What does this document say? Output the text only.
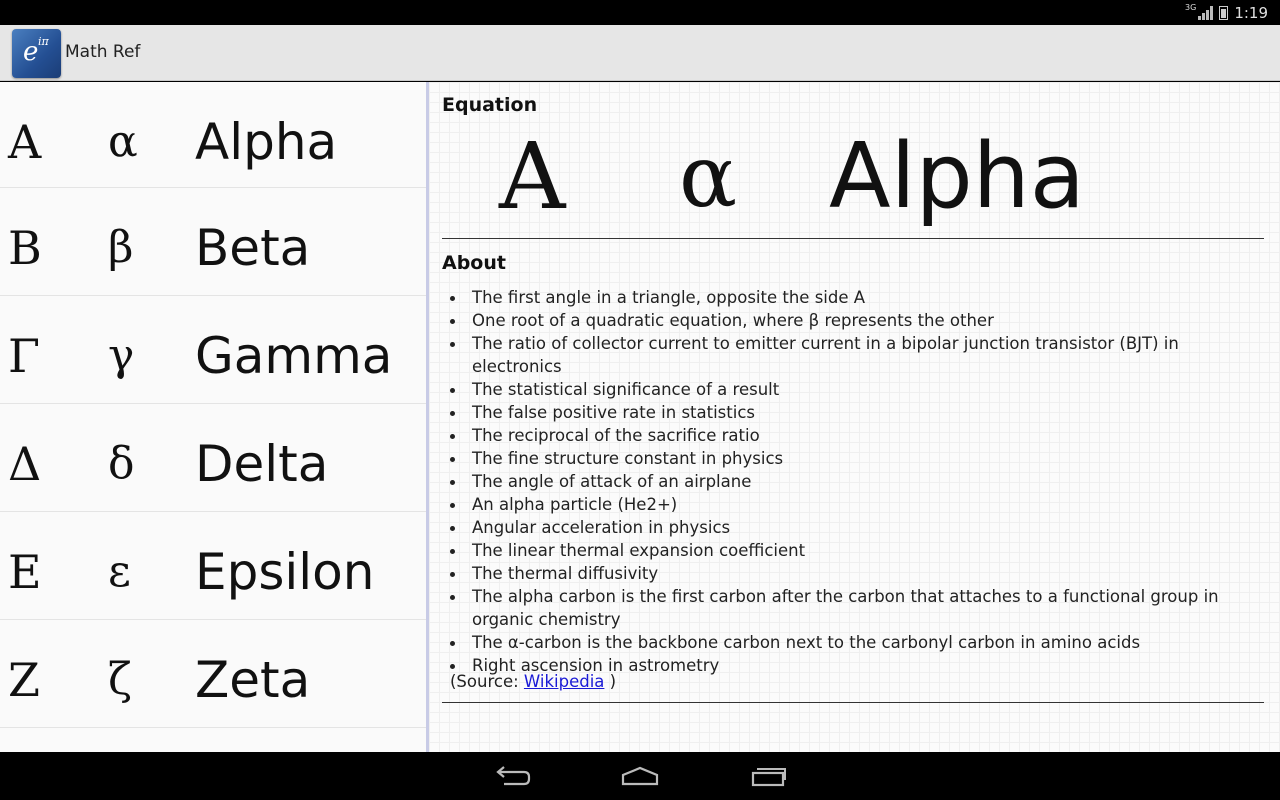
3G	1:19
e iπ
Math Ref
A α Alpha
B β Beta
Γ γ Gamma
Δ δ Delta
E ε Epsilon
Z ζ Zeta
Equation
A α Alpha
About
The first angle in a triangle, opposite the side A
One root of a quadratic equation, where β represents the other
The ratio of collector current to emitter current in a bipolar junction transistor (BJT) in electronics
The statistical significance of a result
The false positive rate in statistics
The reciprocal of the sacrifice ratio
The fine structure constant in physics
The angle of attack of an airplane
An alpha particle (He2+)
Angular acceleration in physics
The linear thermal expansion coefficient
The thermal diffusivity
The alpha carbon is the first carbon after the carbon that attaches to a functional group in organic chemistry
The α-carbon is the backbone carbon next to the carbonyl carbon in amino acids
Right ascension in astrometry
(Source: Wikipedia )
